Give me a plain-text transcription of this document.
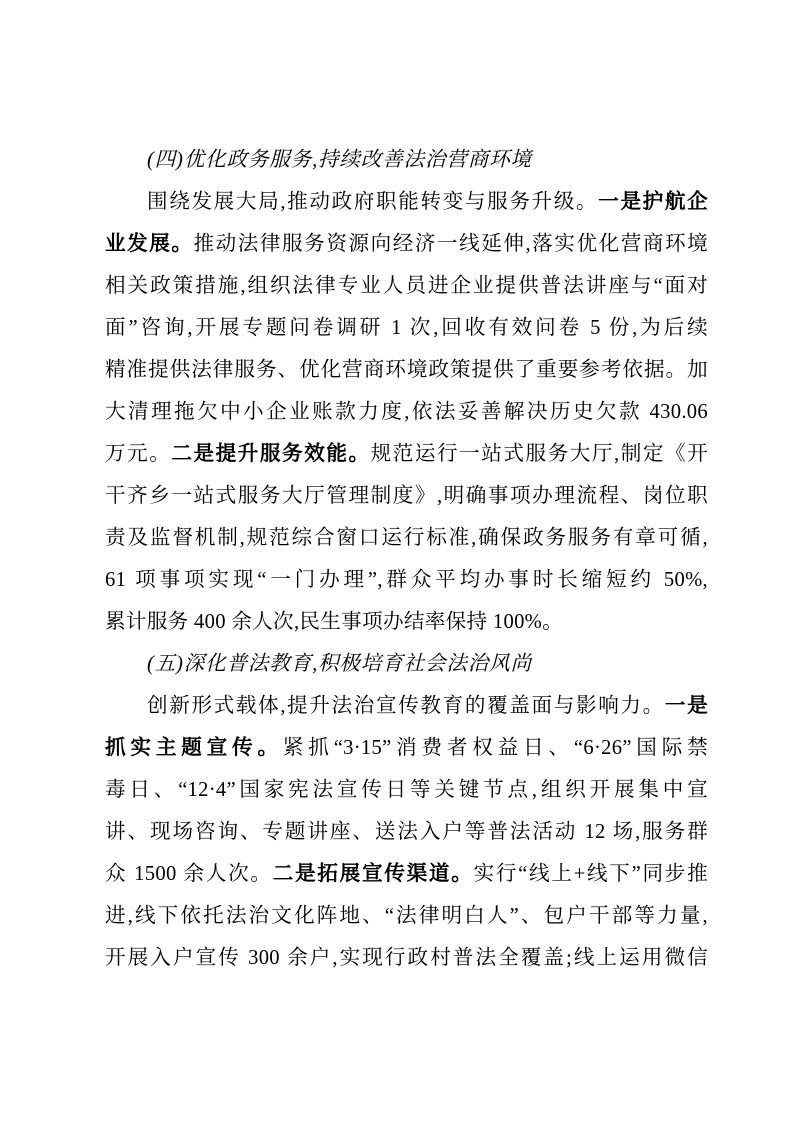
(四)优化政务服务,持续改善法治营商环境
围绕发展大局,推动政府职能转变与服务升级。一是护航企
业发展。推动法律服务资源向经济一线延伸,落实优化营商环境
相关政策措施,组织法律专业人员进企业提供普法讲座与“面对
面”咨询,开展专题问卷调研 1 次,回收有效问卷 5 份,为后续
精准提供法律服务、优化营商环境政策提供了重要参考依据。加
大清理拖欠中小企业账款力度,依法妥善解决历史欠款 430.06
万元。二是提升服务效能。规范运行一站式服务大厅,制定《开
干齐乡一站式服务大厅管理制度》,明确事项办理流程、岗位职
责及监督机制,规范综合窗口运行标准,确保政务服务有章可循,
61 项事项实现“一门办理”,群众平均办事时长缩短约 50%,
累计服务 400 余人次,民生事项办结率保持 100%。
(五)深化普法教育,积极培育社会法治风尚
创新形式载体,提升法治宣传教育的覆盖面与影响力。一是
抓实主题宣传。紧抓“3·15”消费者权益日、“6·26”国际禁
毒日、“12·4”国家宪法宣传日等关键节点,组织开展集中宣
讲、现场咨询、专题讲座、送法入户等普法活动 12 场,服务群
众 1500 余人次。二是拓展宣传渠道。实行“线上+线下”同步推
进,线下依托法治文化阵地、“法律明白人”、包户干部等力量,
开展入户宣传 300 余户,实现行政村普法全覆盖;线上运用微信
